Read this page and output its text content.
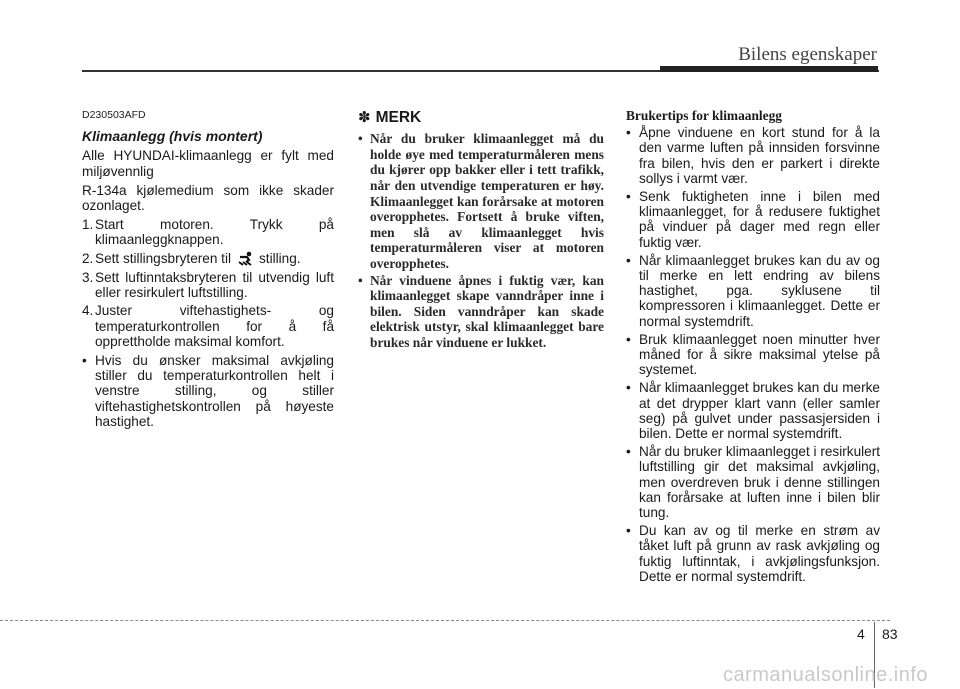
Bilens egenskaper
D230503AFD
Klimaanlegg (hvis montert)

Alle HYUNDAI-klimaanlegg er fylt med miljøvennlig

R-134a kjølemedium som ikke skader ozonlaget.

1. Start motoren. Trykk på klimaanleggknappen.
2. Sett stillingsbryteren til stilling.
3. Sett luftinntaksbryteren til utvendig luft eller resirkulert luftstilling.
4. Juster viftehastighets- og temperaturkontrollen for å få opprettholde maksimal komfort.
• Hvis du ønsker maksimal avkjøling stiller du temperaturkontrollen helt i venstre stilling, og stiller viftehastighetskontrollen på høyeste hastighet.
✽ MERK
• Når du bruker klimaanlegget må du holde øye med temperaturmåleren mens du kjører opp bakker eller i tett trafikk, når den utvendige temperaturen er høy. Klimaanlegget kan forårsake at motoren overopphetes. Fortsett å bruke viften, men slå av klimaanlegget hvis temperaturmåleren viser at motoren overopphetes.
• Når vinduene åpnes i fuktig vær, kan klimaanlegget skape vanndråper inne i bilen. Siden vanndråper kan skade elektrisk utstyr, skal klimaanlegget bare brukes når vinduene er lukket.
Brukertips for klimaanlegg
• Åpne vinduene en kort stund for å la den varme luften på innsiden forsvinne fra bilen, hvis den er parkert i direkte sollys i varmt vær.
• Senk fuktigheten inne i bilen med klimaanlegget, for å redusere fuktighet på vinduer på dager med regn eller fuktig vær.
• Når klimaanlegget brukes kan du av og til merke en lett endring av bilens hastighet, pga. syklusene til kompressoren i klimaanlegget. Dette er normal systemdrift.
• Bruk klimaanlegget noen minutter hver måned for å sikre maksimal ytelse på systemet.
• Når klimaanlegget brukes kan du merke at det drypper klart vann (eller samler seg) på gulvet under passasjersiden i bilen. Dette er normal systemdrift.
• Når du bruker klimaanlegget i resirkulert luftstilling gir det maksimal avkjøling, men overdreven bruk i denne stillingen kan forårsake at luften inne i bilen blir tung.
• Du kan av og til merke en strøm av tåket luft på grunn av rask avkjøling og fuktig luftinntak, i avkjølingsfunksjon. Dette er normal systemdrift.
4 83
carmanualsonline.info
